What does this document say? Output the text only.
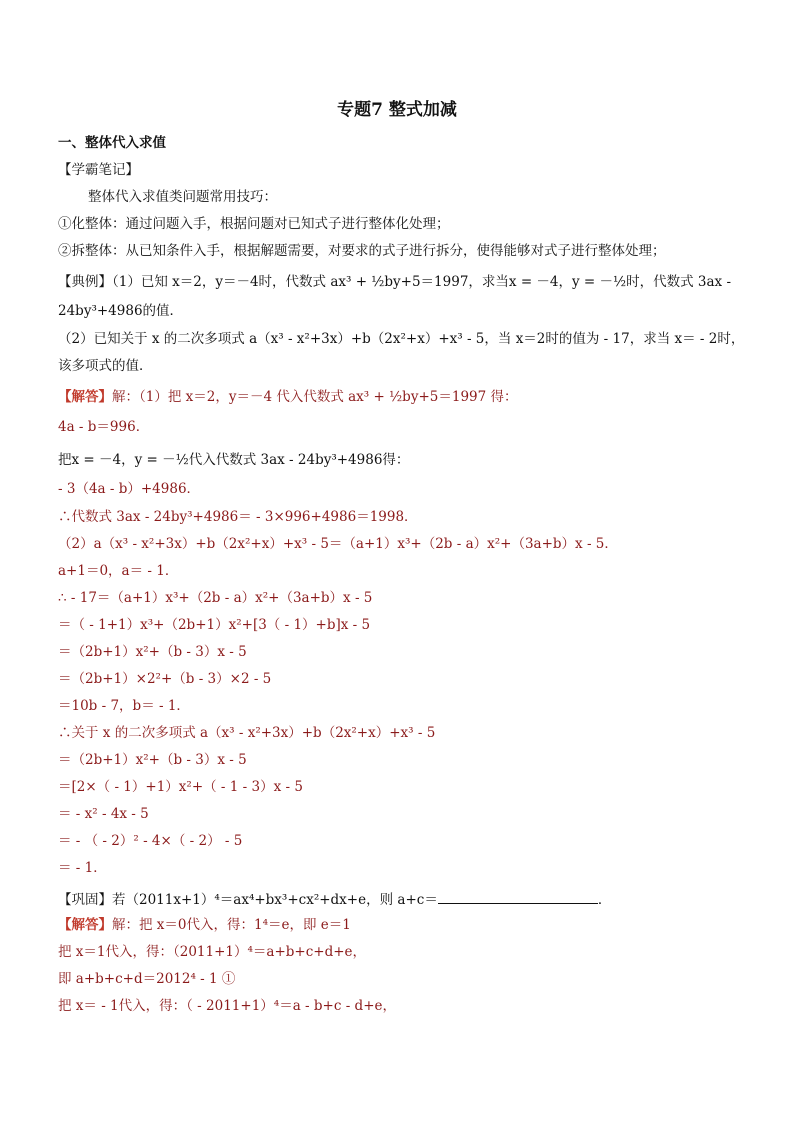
专题7 整式加减
一、整体代入求值
【学霸笔记】
整体代入求值类问题常用技巧：
①化整体：通过问题入手，根据问题对已知式子进行整体化处理；
②拆整体：从已知条件入手，根据解题需要，对要求的式子进行拆分，使得能够对式子进行整体处理；
【典例】（1）已知 x＝2，y＝－4时，代数式 ax³ + ½by+5＝1997，求当x = －4，y = －½时，代数式 3ax -
24by³+4986的值．
（2）已知关于 x 的二次多项式 a（x³ - x²+3x）+b（2x²+x）+x³ - 5，当 x＝2时的值为 - 17，求当 x＝ - 2时，
该多项式的值．
【解答】解：（1）把 x＝2，y＝－4 代入代数式 ax³ + ½by+5＝1997 得：
4a - b＝996．
把x = －4，y = －½代入代数式 3ax - 24by³+4986得：
- 3（4a - b）+4986．
∴代数式 3ax - 24by³+4986＝ - 3×996+4986＝1998．
（2）a（x³ - x²+3x）+b（2x²+x）+x³ - 5＝（a+1）x³+（2b - a）x²+（3a+b）x - 5．
a+1＝0，a＝ - 1．
∴ - 17＝（a+1）x³+（2b - a）x²+（3a+b）x - 5
＝（ - 1+1）x³+（2b+1）x²+[3（ - 1）+b]x - 5
＝（2b+1）x²+（b - 3）x - 5
＝（2b+1）×2²+（b - 3）×2 - 5
＝10b - 7，b＝ - 1．
∴关于 x 的二次多项式 a（x³ - x²+3x）+b（2x²+x）+x³ - 5
＝（2b+1）x²+（b - 3）x - 5
＝[2×（ - 1）+1）x²+（ - 1 - 3）x - 5
＝ - x² - 4x - 5
＝ - （ - 2）² - 4×（ - 2） - 5
＝ - 1．
【巩固】若（2011x+1）⁴＝ax⁴+bx³+cx²+dx+e，则 a+c＝	．
【解答】解：把 x＝0代入，得：1⁴＝e，即 e＝1
把 x＝1代入，得：（2011+1）⁴＝a+b+c+d+e，
即 a+b+c+d＝2012⁴ - 1 ①
把 x＝ - 1代入，得：（ - 2011+1）⁴＝a - b+c - d+e，
